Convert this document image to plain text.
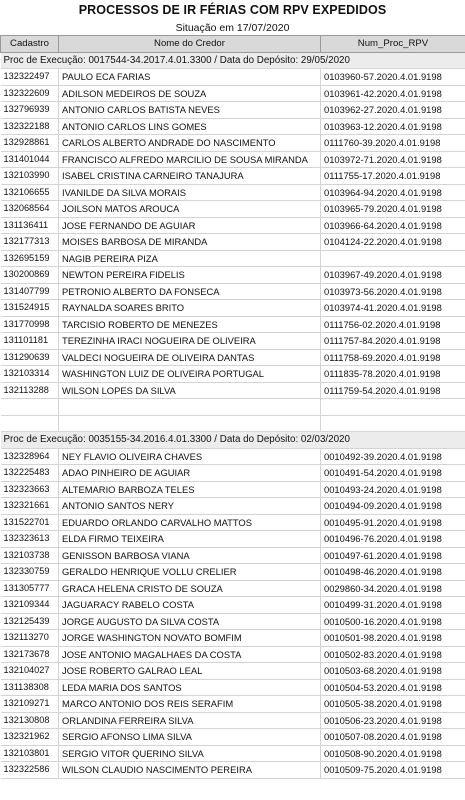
PROCESSOS DE IR FÉRIAS COM RPV EXPEDIDOS
Situação em 17/07/2020
Cadastro	Nome do Credor	Num_Proc_RPV
Proc de Execução: 0017544-34.2017.4.01.3300 / Data do Depósito: 29/05/2020		
132322497	PAULO ECA FARIAS	0103960-57.2020.4.01.9198
132322609	ADILSON MEDEIROS DE SOUZA	0103961-42.2020.4.01.9198
132796939	ANTONIO CARLOS BATISTA NEVES	0103962-27.2020.4.01.9198
132322188	ANTONIO CARLOS LINS GOMES	0103963-12.2020.4.01.9198
132928861	CARLOS ALBERTO ANDRADE DO NASCIMENTO	0111760-39.2020.4.01.9198
131401044	FRANCISCO ALFREDO MARCILIO DE SOUSA MIRANDA	0103972-71.2020.4.01.9198
132103990	ISABEL CRISTINA CARNEIRO TANAJURA	0111755-17.2020.4.01.9198
132106655	IVANILDE DA SILVA MORAIS	0103964-94.2020.4.01.9198
132068564	JOILSON MATOS AROUCA	0103965-79.2020.4.01.9198
131136411	JOSE FERNANDO DE AGUIAR	0103966-64.2020.4.01.9198
132177313	MOISES BARBOSA DE MIRANDA	0104124-22.2020.4.01.9198
132695159	NAGIB PEREIRA PIZA	
130200869	NEWTON PEREIRA FIDELIS	0103967-49.2020.4.01.9198
131407799	PETRONIO ALBERTO DA FONSECA	0103973-56.2020.4.01.9198
131524915	RAYNALDA SOARES BRITO	0103974-41.2020.4.01.9198
131770998	TARCISIO ROBERTO DE MENEZES	0111756-02.2020.4.01.9198
131101181	TEREZINHA IRACI NOGUEIRA DE OLIVEIRA	0111757-84.2020.4.01.9198
131290639	VALDECI NOGUEIRA DE OLIVEIRA DANTAS	0111758-69.2020.4.01.9198
132103314	WASHINGTON LUIZ DE OLIVEIRA PORTUGAL	0111835-78.2020.4.01.9198
132113288	WILSON LOPES DA SILVA	0111759-54.2020.4.01.9198

Proc de Execução: 0035155-34.2016.4.01.3300 / Data do Depósito: 02/03/2020		
132328964	NEY FLAVIO OLIVEIRA CHAVES	0010492-39.2020.4.01.9198
132225483	ADAO PINHEIRO DE AGUIAR	0010491-54.2020.4.01.9198
132323663	ALTEMARIO BARBOZA TELES	0010493-24.2020.4.01.9198
132321661	ANTONIO SANTOS NERY	0010494-09.2020.4.01.9198
131522701	EDUARDO ORLANDO CARVALHO MATTOS	0010495-91.2020.4.01.9198
132323613	ELDA FIRMO TEIXEIRA	0010496-76.2020.4.01.9198
132103738	GENISSON BARBOSA VIANA	0010497-61.2020.4.01.9198
132330759	GERALDO HENRIQUE VOLLU CRELIER	0010498-46.2020.4.01.9198
131305777	GRACA HELENA CRISTO DE SOUZA	0029860-34.2020.4.01.9198
132109344	JAGUARACY RABELO COSTA	0010499-31.2020.4.01.9198
132125439	JORGE AUGUSTO DA SILVA COSTA	0010500-16.2020.4.01.9198
132113270	JORGE WASHINGTON NOVATO BOMFIM	0010501-98.2020.4.01.9198
132173678	JOSE ANTONIO MAGALHAES DA COSTA	0010502-83.2020.4.01.9198
132104027	JOSE ROBERTO GALRAO LEAL	0010503-68.2020.4.01.9198
131138308	LEDA MARIA DOS SANTOS	0010504-53.2020.4.01.9198
132109271	MARCO ANTONIO DOS REIS SERAFIM	0010505-38.2020.4.01.9198
132130808	ORLANDINA FERREIRA SILVA	0010506-23.2020.4.01.9198
132321962	SERGIO AFONSO LIMA SILVA	0010507-08.2020.4.01.9198
132103801	SERGIO VITOR QUERINO SILVA	0010508-90.2020.4.01.9198
132322586	WILSON CLAUDIO NASCIMENTO PEREIRA	0010509-75.2020.4.01.9198
